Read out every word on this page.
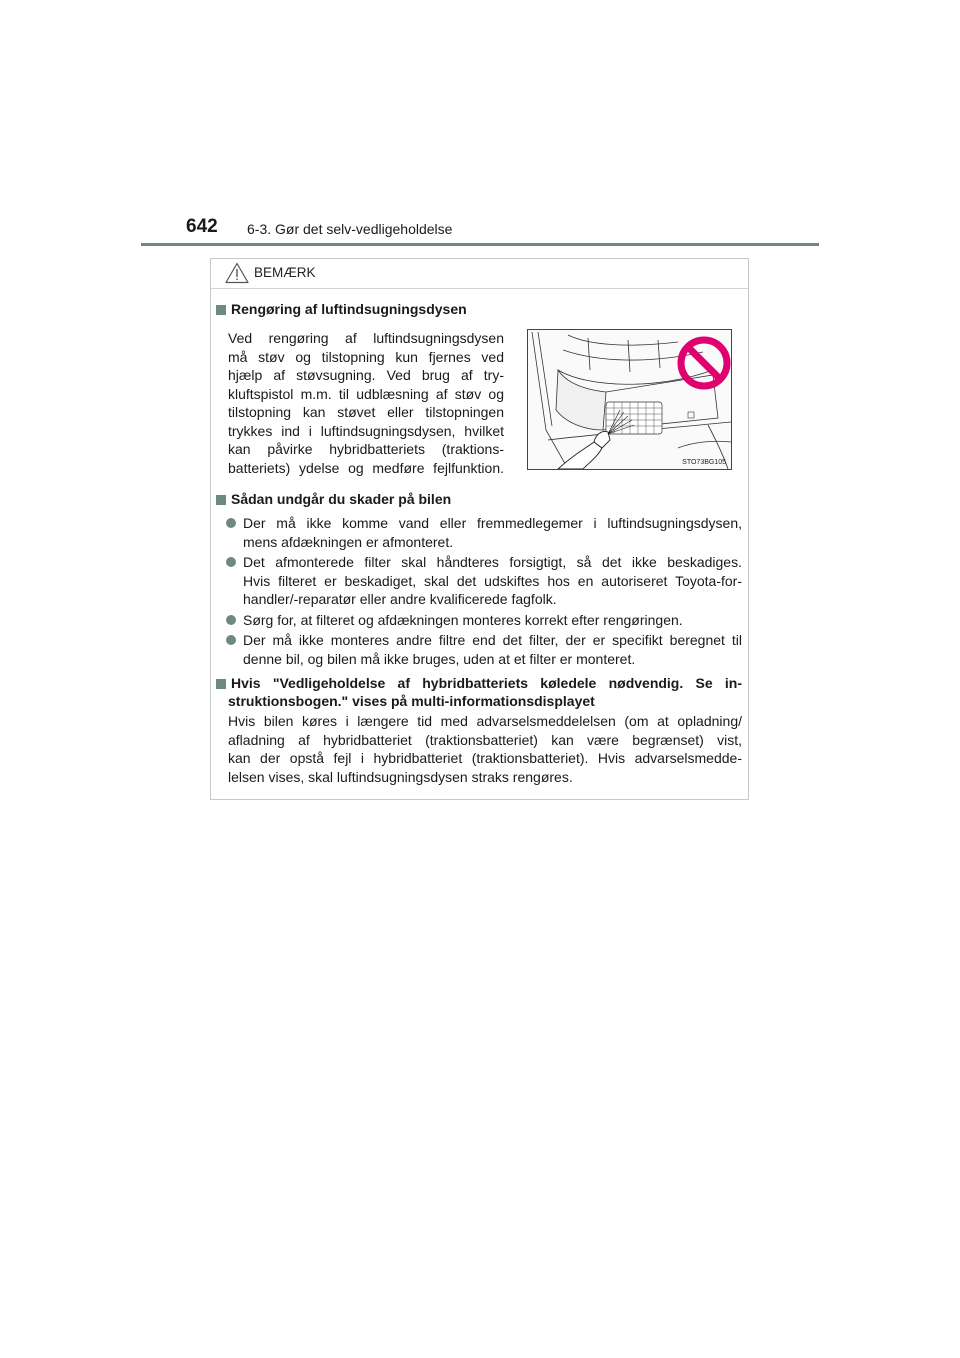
642 6-3. Gør det selv-vedligeholdelse
BEMÆRK
Rengøring af luftindsugningsdysen
Ved rengøring af luftindsugningsdysen
må støv og tilstopning kun fjernes ved
hjælp af støvsugning. Ved brug af try-
kluftspistol m.m. til udblæsning af støv og
tilstopning kan støvet eller tilstopningen
trykkes ind i luftindsugningsdysen, hvilket
kan påvirke hybridbatteriets (traktions-
batteriets) ydelse og medføre fejlfunktion.	STO73BG105
Sådan undgår du skader på bilen
Der må ikke komme vand eller fremmedlegemer i luftindsugningsdysen,
mens afdækningen er afmonteret.
Det afmonterede filter skal håndteres forsigtigt, så det ikke beskadiges.
Hvis filteret er beskadiget, skal det udskiftes hos en autoriseret Toyota-for-
handler/-reparatør eller andre kvalificerede fagfolk.
Sørg for, at filteret og afdækningen monteres korrekt efter rengøringen.
Der må ikke monteres andre filtre end det filter, der er specifikt beregnet til
denne bil, og bilen må ikke bruges, uden at et filter er monteret.
Hvis "Vedligeholdelse af hybridbatteriets køledele nødvendig. Se in-
struktionsbogen." vises på multi-informationsdisplayet
Hvis bilen køres i længere tid med advarselsmeddelelsen (om at opladning/
afladning af hybridbatteriet (traktionsbatteriet) kan være begrænset) vist,
kan der opstå fejl i hybridbatteriet (traktionsbatteriet). Hvis advarselsmedde-
lelsen vises, skal luftindsugningsdysen straks rengøres.
